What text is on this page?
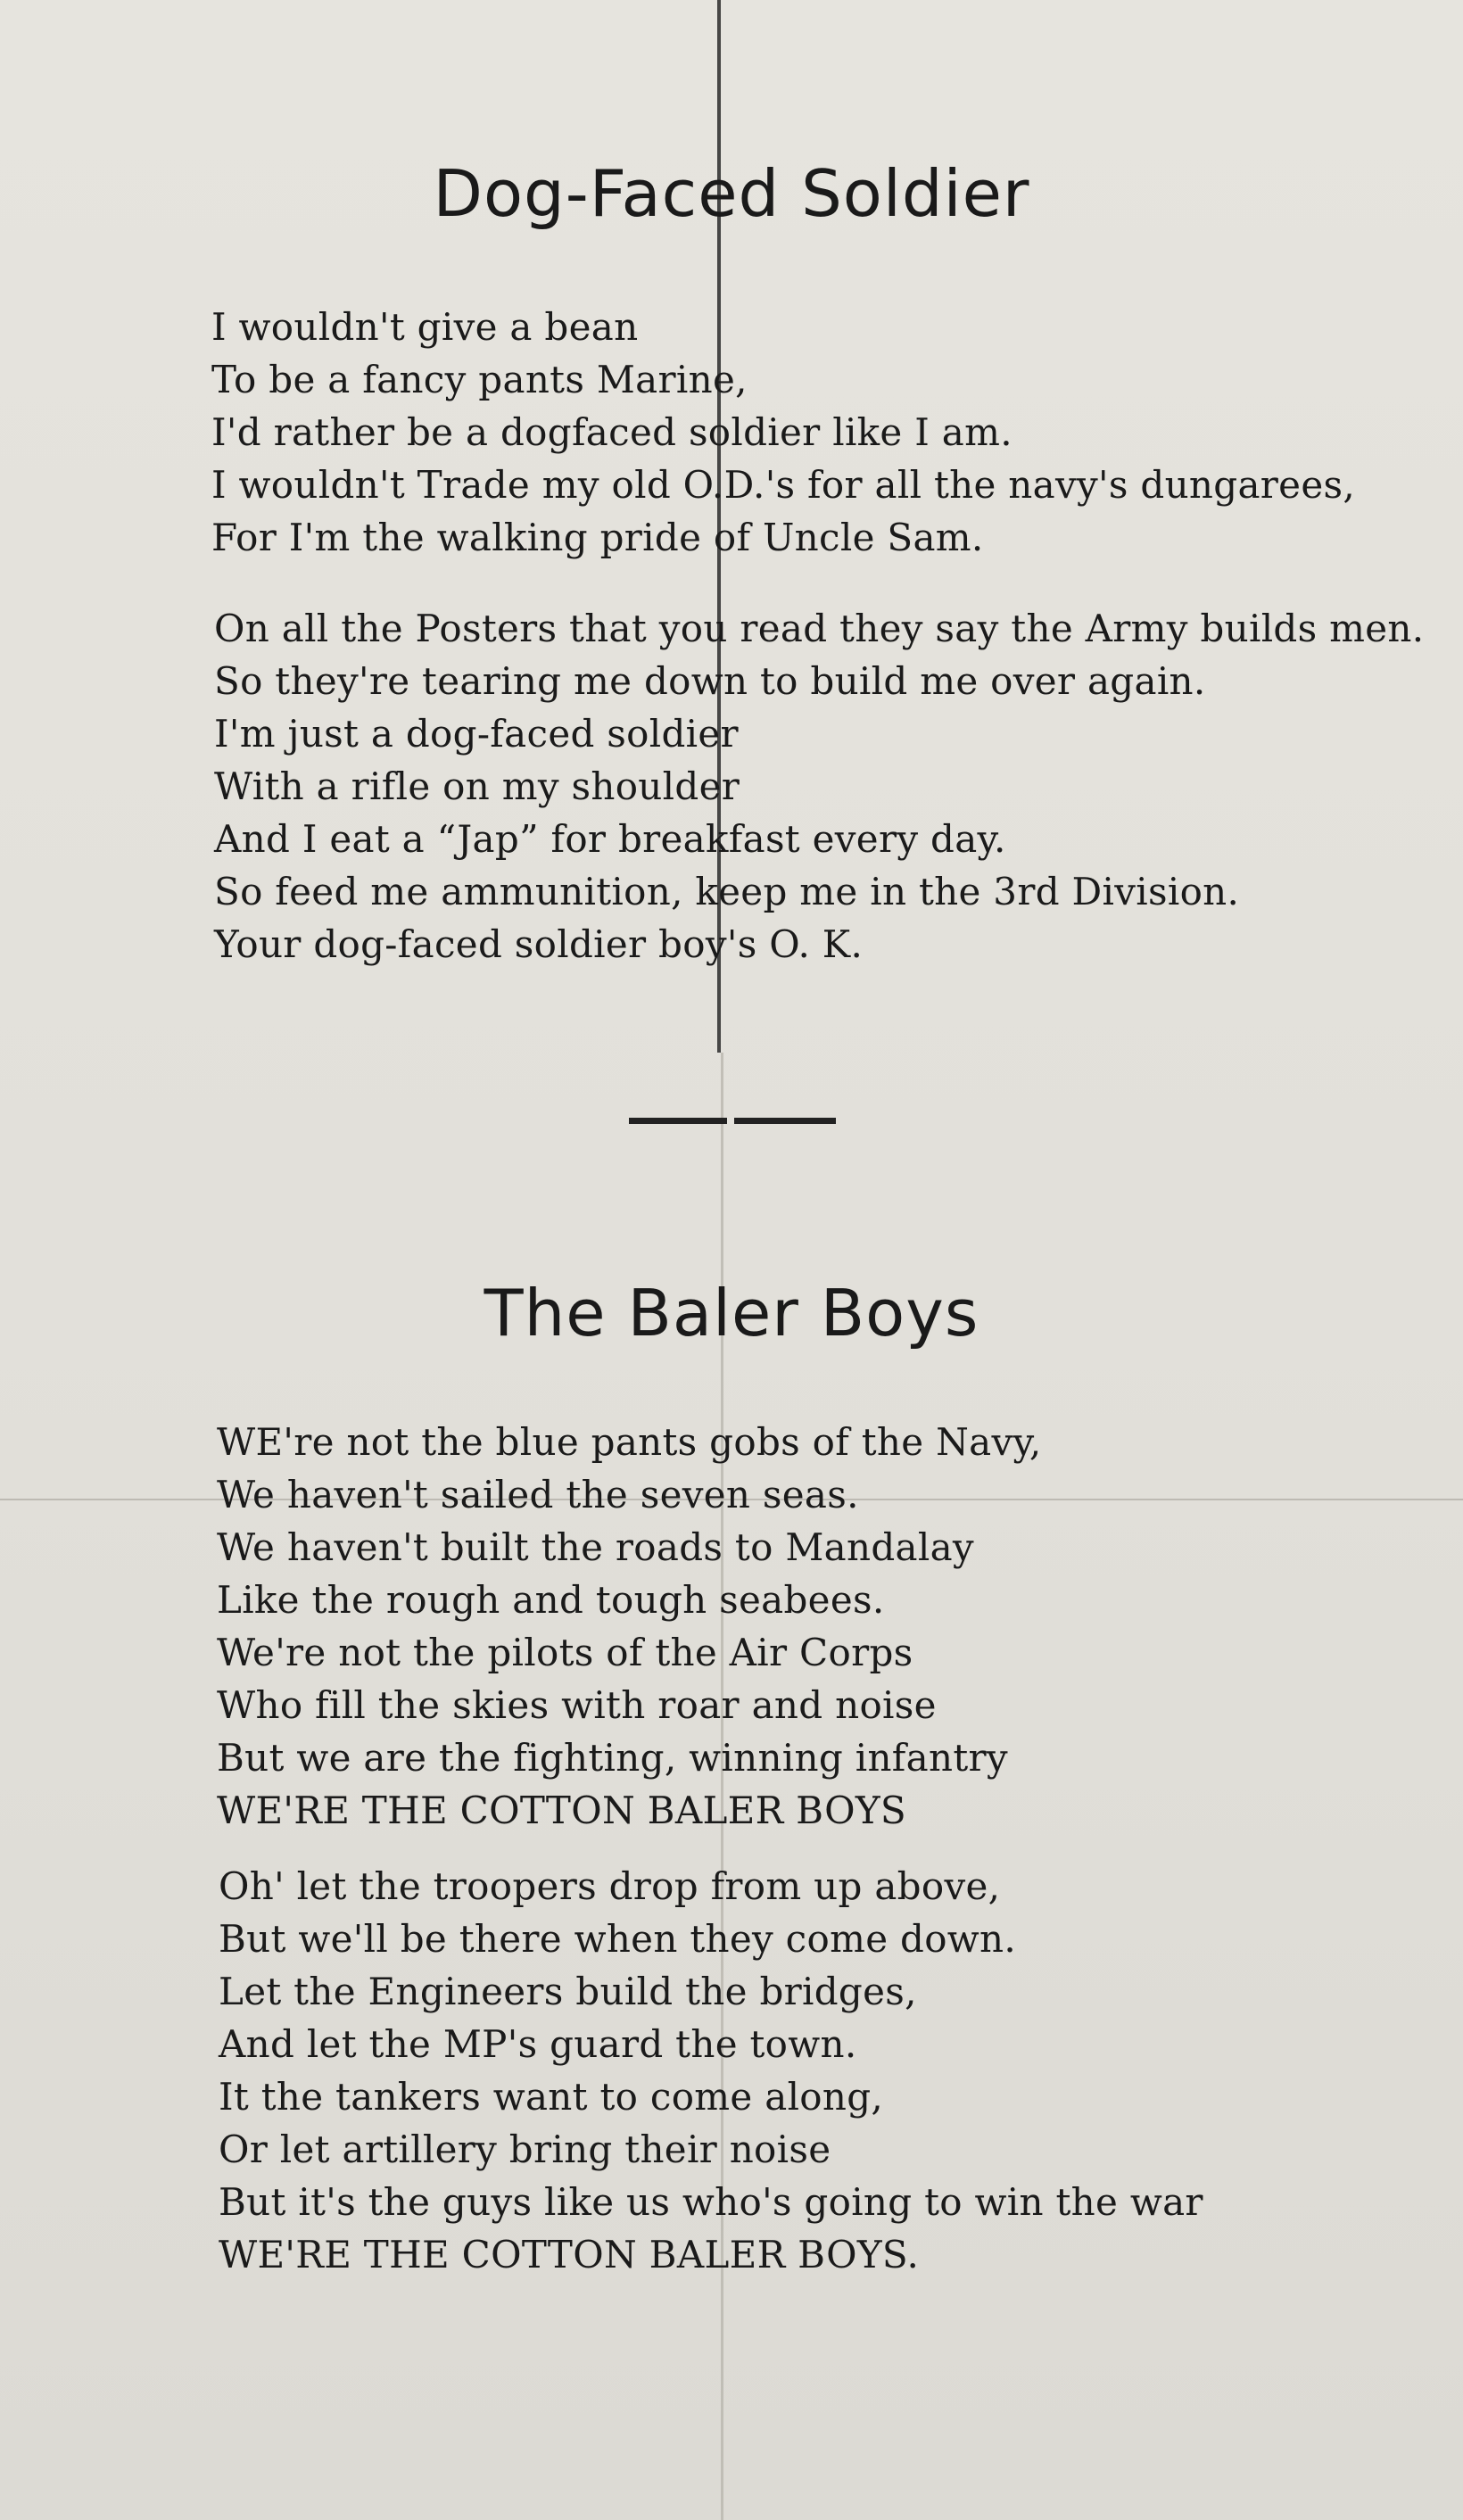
Dog-Faced Soldier
I wouldn't give a bean
To be a fancy pants Marine,
I'd rather be a dogfaced soldier like I am.
I wouldn't Trade my old O.D.'s for all the navy's dungarees,
For I'm the walking pride of Uncle Sam.
On all the Posters that you read they say the Army builds men.
So they're tearing me down to build me over again.
I'm just a dog-faced soldier
With a rifle on my shoulder
And I eat a “Jap” for breakfast every day.
So feed me ammunition, keep me in the 3rd Division.
Your dog-faced soldier boy's O. K.
The Baler Boys
WE're not the blue pants gobs of the Navy,
We haven't sailed the seven seas.
We haven't built the roads to Mandalay
Like the rough and tough seabees.
We're not the pilots of the Air Corps
Who fill the skies with roar and noise
But we are the fighting, winning infantry
WE'RE THE COTTON BALER BOYS
Oh' let the troopers drop from up above,
But we'll be there when they come down.
Let the Engineers build the bridges,
And let the MP's guard the town.
It the tankers want to come along,
Or let artillery bring their noise
But it's the guys like us who's going to win the war
WE'RE THE COTTON BALER BOYS.
